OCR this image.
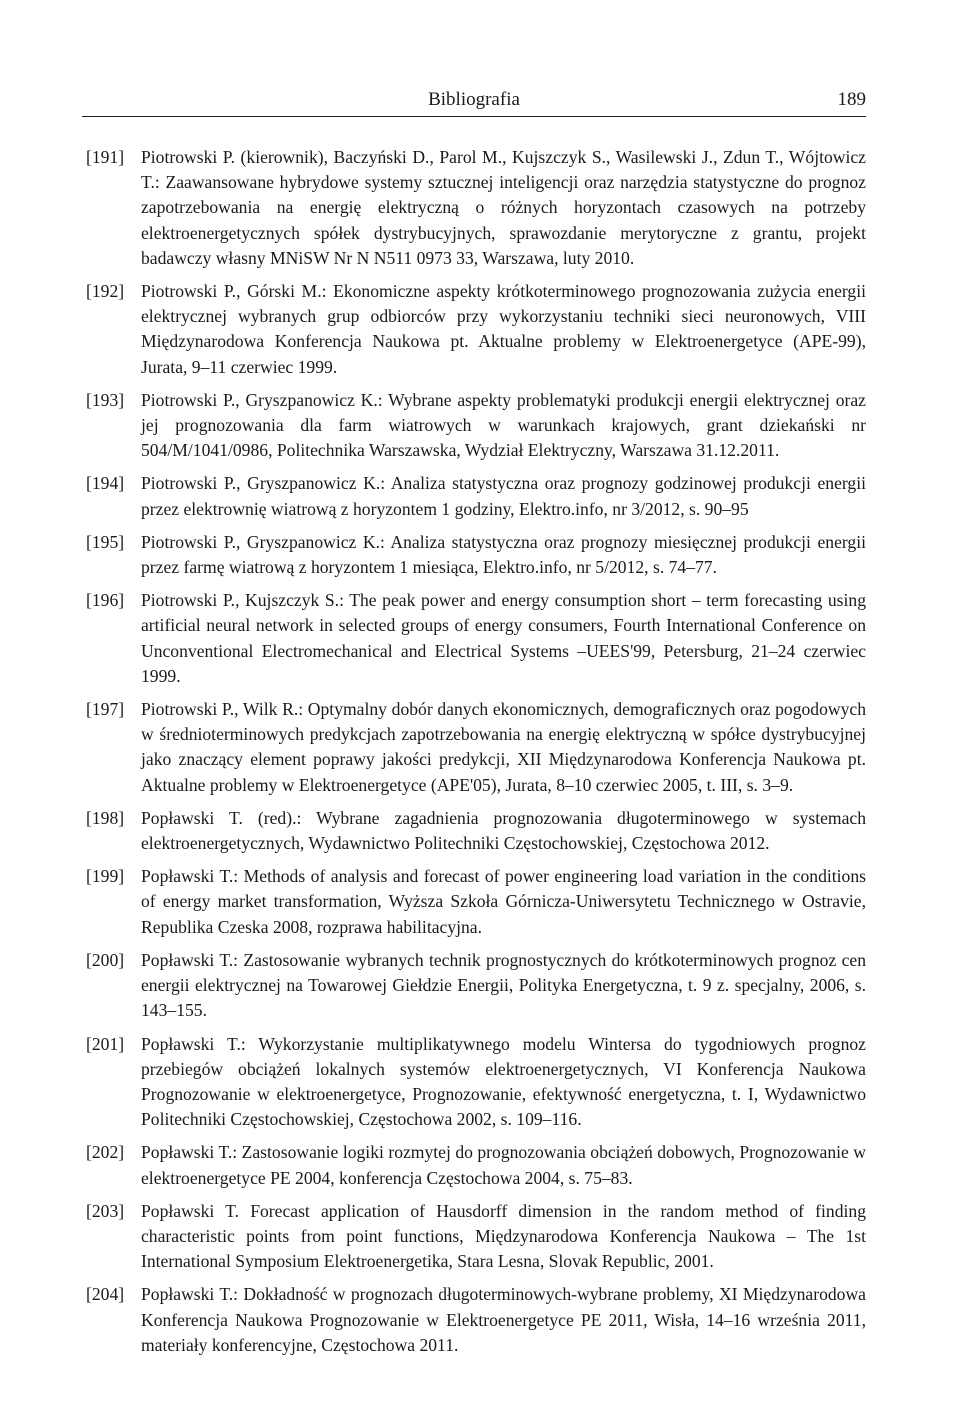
Bibliografia	189
[191] Piotrowski P. (kierownik), Baczyński D., Parol M., Kujszczyk S., Wasilewski J., Zdun T., Wójtowicz T.: Zaawansowane hybrydowe systemy sztucznej inteligencji oraz narzędzia statystyczne do prognoz zapotrzebowania na energię elektryczną o różnych horyzontach czasowych na potrzeby elektroenergetycznych spółek dystrybucyjnych, sprawozdanie merytoryczne z grantu, projekt badawczy własny MNiSW Nr N N511 0973 33, Warszawa, luty 2010.
[192] Piotrowski P., Górski M.: Ekonomiczne aspekty krótkoterminowego prognozowania zużycia energii elektrycznej wybranych grup odbiorców przy wykorzystaniu techniki sieci neuronowych, VIII Międzynarodowa Konferencja Naukowa pt. Aktualne problemy w Elektroenergetyce (APE-99), Jurata, 9–11 czerwiec 1999.
[193] Piotrowski P., Gryszpanowicz K.: Wybrane aspekty problematyki produkcji energii elektrycznej oraz jej prognozowania dla farm wiatrowych w warunkach krajowych, grant dziekański nr 504/M/1041/0986, Politechnika Warszawska, Wydział Elektryczny, Warszawa 31.12.2011.
[194] Piotrowski P., Gryszpanowicz K.: Analiza statystyczna oraz prognozy godzinowej produkcji energii przez elektrownię wiatrową z horyzontem 1 godziny, Elektro.info, nr 3/2012, s. 90–95
[195] Piotrowski P., Gryszpanowicz K.: Analiza statystyczna oraz prognozy miesięcznej produkcji energii przez farmę wiatrową z horyzontem 1 miesiąca, Elektro.info, nr 5/2012, s. 74–77.
[196] Piotrowski P., Kujszczyk S.: The peak power and energy consumption short – term forecasting using artificial neural network in selected groups of energy consumers, Fourth International Conference on Unconventional Electromechanical and Electrical Systems –UEES'99, Petersburg, 21–24 czerwiec 1999.
[197] Piotrowski P., Wilk R.: Optymalny dobór danych ekonomicznych, demograficznych oraz pogodowych w średnioterminowych predykcjach zapotrzebowania na energię elektryczną w spółce dystrybucyjnej jako znaczący element poprawy jakości predykcji, XII Międzynarodowa Konferencja Naukowa pt. Aktualne problemy w Elektroenergetyce (APE'05), Jurata, 8–10 czerwiec 2005, t. III, s. 3–9.
[198] Popławski T. (red).: Wybrane zagadnienia prognozowania długoterminowego w systemach elektroenergetycznych, Wydawnictwo Politechniki Częstochowskiej, Częstochowa 2012.
[199] Popławski T.: Methods of analysis and forecast of power engineering load variation in the conditions of energy market transformation, Wyższa Szkoła Górnicza-Uniwersytetu Technicznego w Ostravie, Republika Czeska 2008, rozprawa habilitacyjna.
[200] Popławski T.: Zastosowanie wybranych technik prognostycznych do krótkoterminowych prognoz cen energii elektrycznej na Towarowej Giełdzie Energii, Polityka Energetyczna, t. 9 z. specjalny, 2006, s. 143–155.
[201] Popławski T.: Wykorzystanie multiplikatywnego modelu Wintersa do tygodniowych prognoz przebiegów obciążeń lokalnych systemów elektroenergetycznych, VI Konferencja Naukowa Prognozowanie w elektroenergetyce, Prognozowanie, efektywność energetyczna, t. I, Wydawnictwo Politechniki Częstochowskiej, Częstochowa 2002, s. 109–116.
[202] Popławski T.: Zastosowanie logiki rozmytej do prognozowania obciążeń dobowych, Prognozowanie w elektroenergetyce PE 2004, konferencja Częstochowa 2004, s. 75–83.
[203] Popławski T. Forecast application of Hausdorff dimension in the random method of finding characteristic points from point functions, Międzynarodowa Konferencja Naukowa – The 1st International Symposium Elektroenergetika, Stara Lesna, Slovak Republic, 2001.
[204] Popławski T.: Dokładność w prognozach długoterminowych-wybrane problemy, XI Międzynarodowa Konferencja Naukowa Prognozowanie w Elektroenergetyce PE 2011, Wisła, 14–16 września 2011, materiały konferencyjne, Częstochowa 2011.
